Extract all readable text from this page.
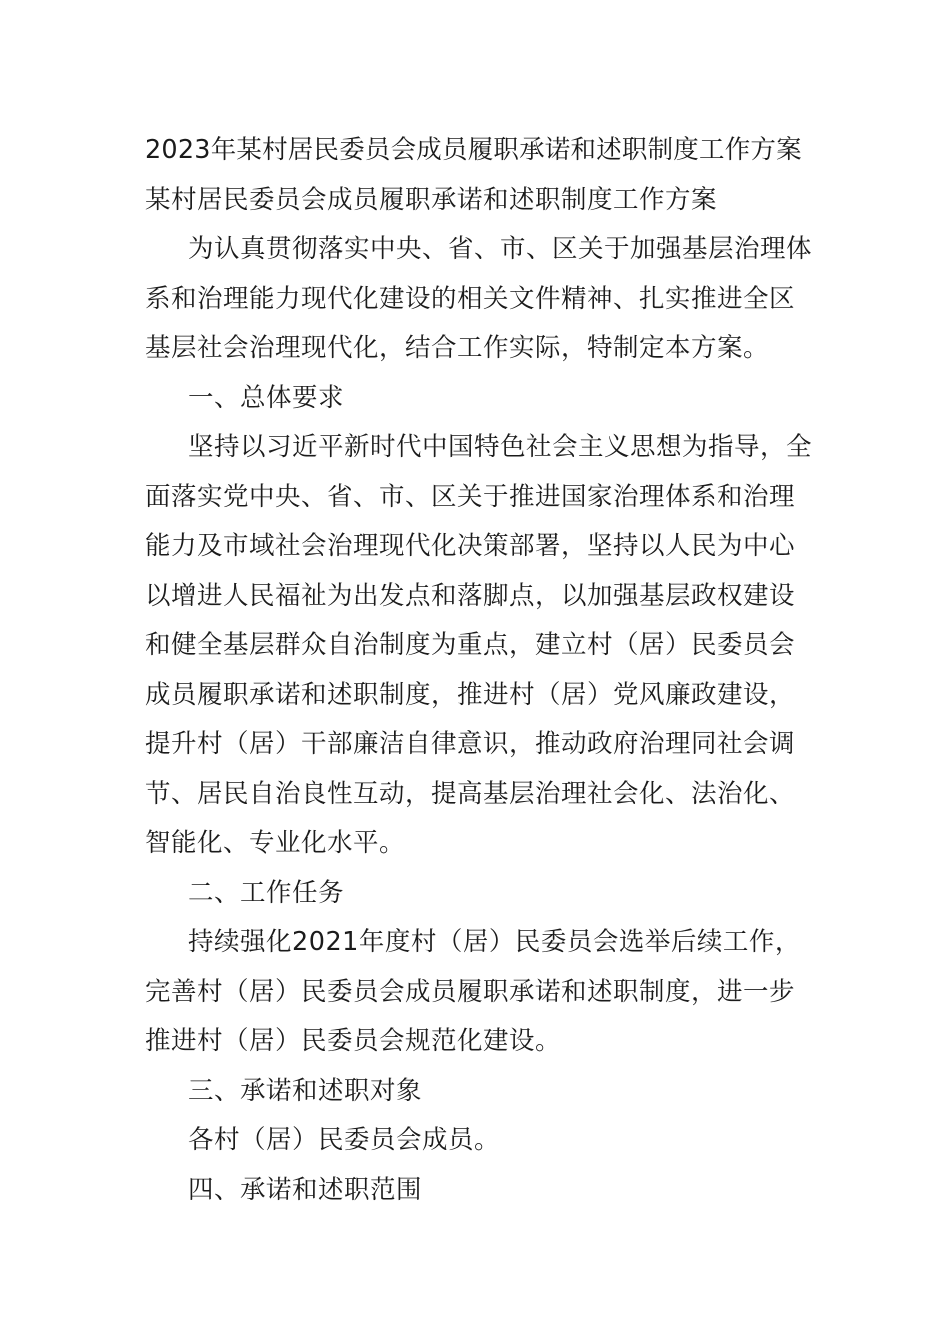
2023年某村居民委员会成员履职承诺和述职制度工作方案
某村居民委员会成员履职承诺和述职制度工作方案
为认真贯彻落实中央、省、市、区关于加强基层治理体
系和治理能力现代化建设的相关文件精神、扎实推进全区
基层社会治理现代化，结合工作实际，特制定本方案。
一、总体要求
坚持以习近平新时代中国特色社会主义思想为指导，全
面落实党中央、省、市、区关于推进国家治理体系和治理
能力及市域社会治理现代化决策部署，坚持以人民为中心
以增进人民福祉为出发点和落脚点，以加强基层政权建设
和健全基层群众自治制度为重点，建立村（居）民委员会
成员履职承诺和述职制度，推进村（居）党风廉政建设，
提升村（居）干部廉洁自律意识，推动政府治理同社会调
节、居民自治良性互动，提高基层治理社会化、法治化、
智能化、专业化水平。
二、工作任务
持续强化2021年度村（居）民委员会选举后续工作，
完善村（居）民委员会成员履职承诺和述职制度，进一步
推进村（居）民委员会规范化建设。
三、承诺和述职对象
各村（居）民委员会成员。
四、承诺和述职范围
